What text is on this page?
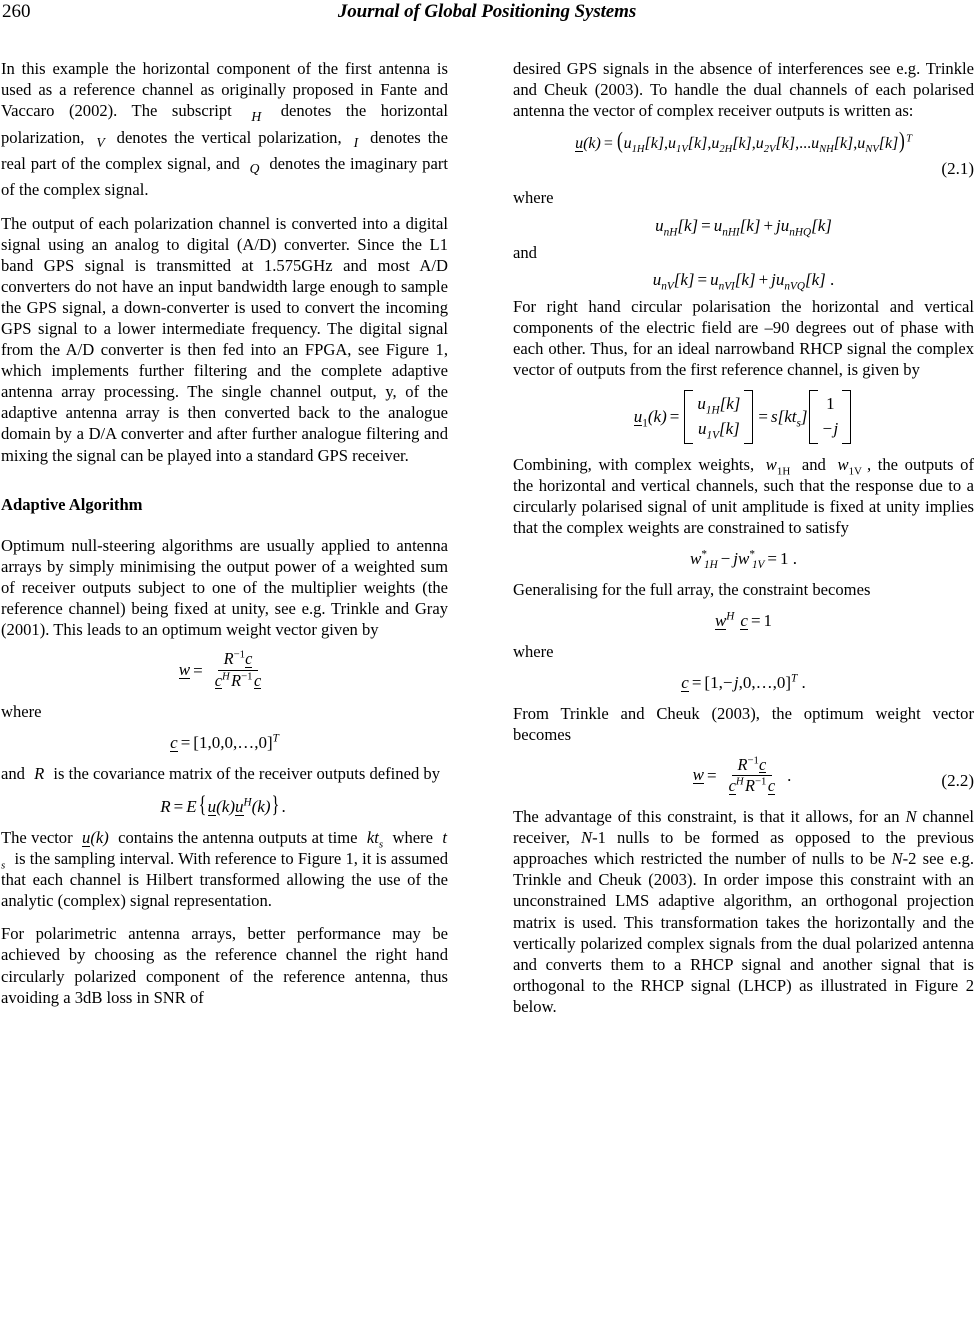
260	Journal of Global Positioning Systems

In this example the horizontal component of the first antenna is used as a reference channel as originally proposed in Fante and Vaccaro (2002). The subscript $_H$ denotes the horizontal polarization, $_V$ denotes the vertical polarization, $_I$ denotes the real part of the complex signal, and $_Q$ denotes the imaginary part of the complex signal.

The output of each polarization channel is converted into a digital signal using an analog to digital (A/D) converter. Since the L1 band GPS signal is transmitted at 1.575GHz and most A/D converters do not have an input bandwidth large enough to sample the GPS signal, a down-converter is used to convert the incoming GPS signal to a lower intermediate frequency. The digital signal from the A/D converter is then fed into an FPGA, see Figure 1, which implements further filtering and the complete adaptive antenna array processing. The single channel output, y, of the adaptive antenna array is then converted back to the analogue domain by a D/A converter and after further analogue filtering and mixing the signal can be played into a standard GPS receiver.

Adaptive Algorithm

Optimum null-steering algorithms are usually applied to antenna arrays by simply minimising the output power of a weighted sum of receiver outputs subject to one of the multiplier weights (the reference channel) being fixed at unity, see e.g. Trinkle and Gray (2001). This leads to an optimum weight vector given by

$w = \frac{R^{-1}c}{c^H R^{-1} c}$

where

c = [1,0,0,…,0]$^T$

and R is the covariance matrix of the receiver outputs defined by

$R = E\{u(k)u^H(k)\}$.

The vector u(k) contains the antenna outputs at time $kt_s$ where t $_s$ is the sampling interval. With reference to Figure 1, it is assumed that each channel is Hilbert transformed allowing the use of the analytic (complex) signal representation.

For polarimetric antenna arrays, better performance may be achieved by choosing as the reference channel the right hand circularly polarized component of the reference antenna, thus avoiding a 3dB loss in SNR of

desired GPS signals in the absence of interferences see e.g. Trinkle and Cheuk (2003). To handle the dual channels of each polarised antenna the vector of complex receiver outputs is written as:

$u(k) = (u_{1H}[k],u_{1V}[k],u_{2H}[k],u_{2V}[k],...u_{NH}[k],u_{NV}[k])^T$
(2.1)

where

$u_{nH}[k] = u_{nHI}[k] + ju_{nHQ}[k]$

and

$u_{nV}[k] = u_{nVI}[k] + ju_{nVQ}[k]$ .

For right hand circular polarisation the horizontal and vertical components of the electric field are –90 degrees out of phase with each other. Thus, for an ideal narrowband RHCP signal the complex vector of outputs from the first reference channel, is given by

$u_1(k)$ =
$u_{1H}[k]$
$u_{1V}[k]$
= $s[kt_s]$
1
− j

Combining, with complex weights, $w_{1H}$ and $w_{1V}$ , the outputs of the horizontal and vertical channels, such that the response due to a circularly polarised signal of unit amplitude is fixed at unity implies that the complex weights are constrained to satisfy

$w^*_{1H} - jw^*_{1V} = 1$ .

Generalising for the full array, the constraint becomes

$w^H$ c = 1

where

c = [1,− j,0,…,0]$^T$ .

From Trinkle and Cheuk (2003), the optimum weight vector becomes

$w = \frac{R^{-1}c}{c^H R^{-1} c}$ .	(2.2)

The advantage of this constraint, is that it allows, for an N channel receiver, N-1 nulls to be formed as opposed to the previous approaches which restricted the number of nulls to be N-2 see e.g. Trinkle and Cheuk (2003). In order impose this constraint with an unconstrained LMS adaptive algorithm, an orthogonal projection matrix is used. This transformation takes the horizontally and the vertically polarized complex signals from the dual polarized antenna and converts them to a RHCP signal and another signal that is orthogonal to the RHCP signal (LHCP) as illustrated in Figure 2 below.
